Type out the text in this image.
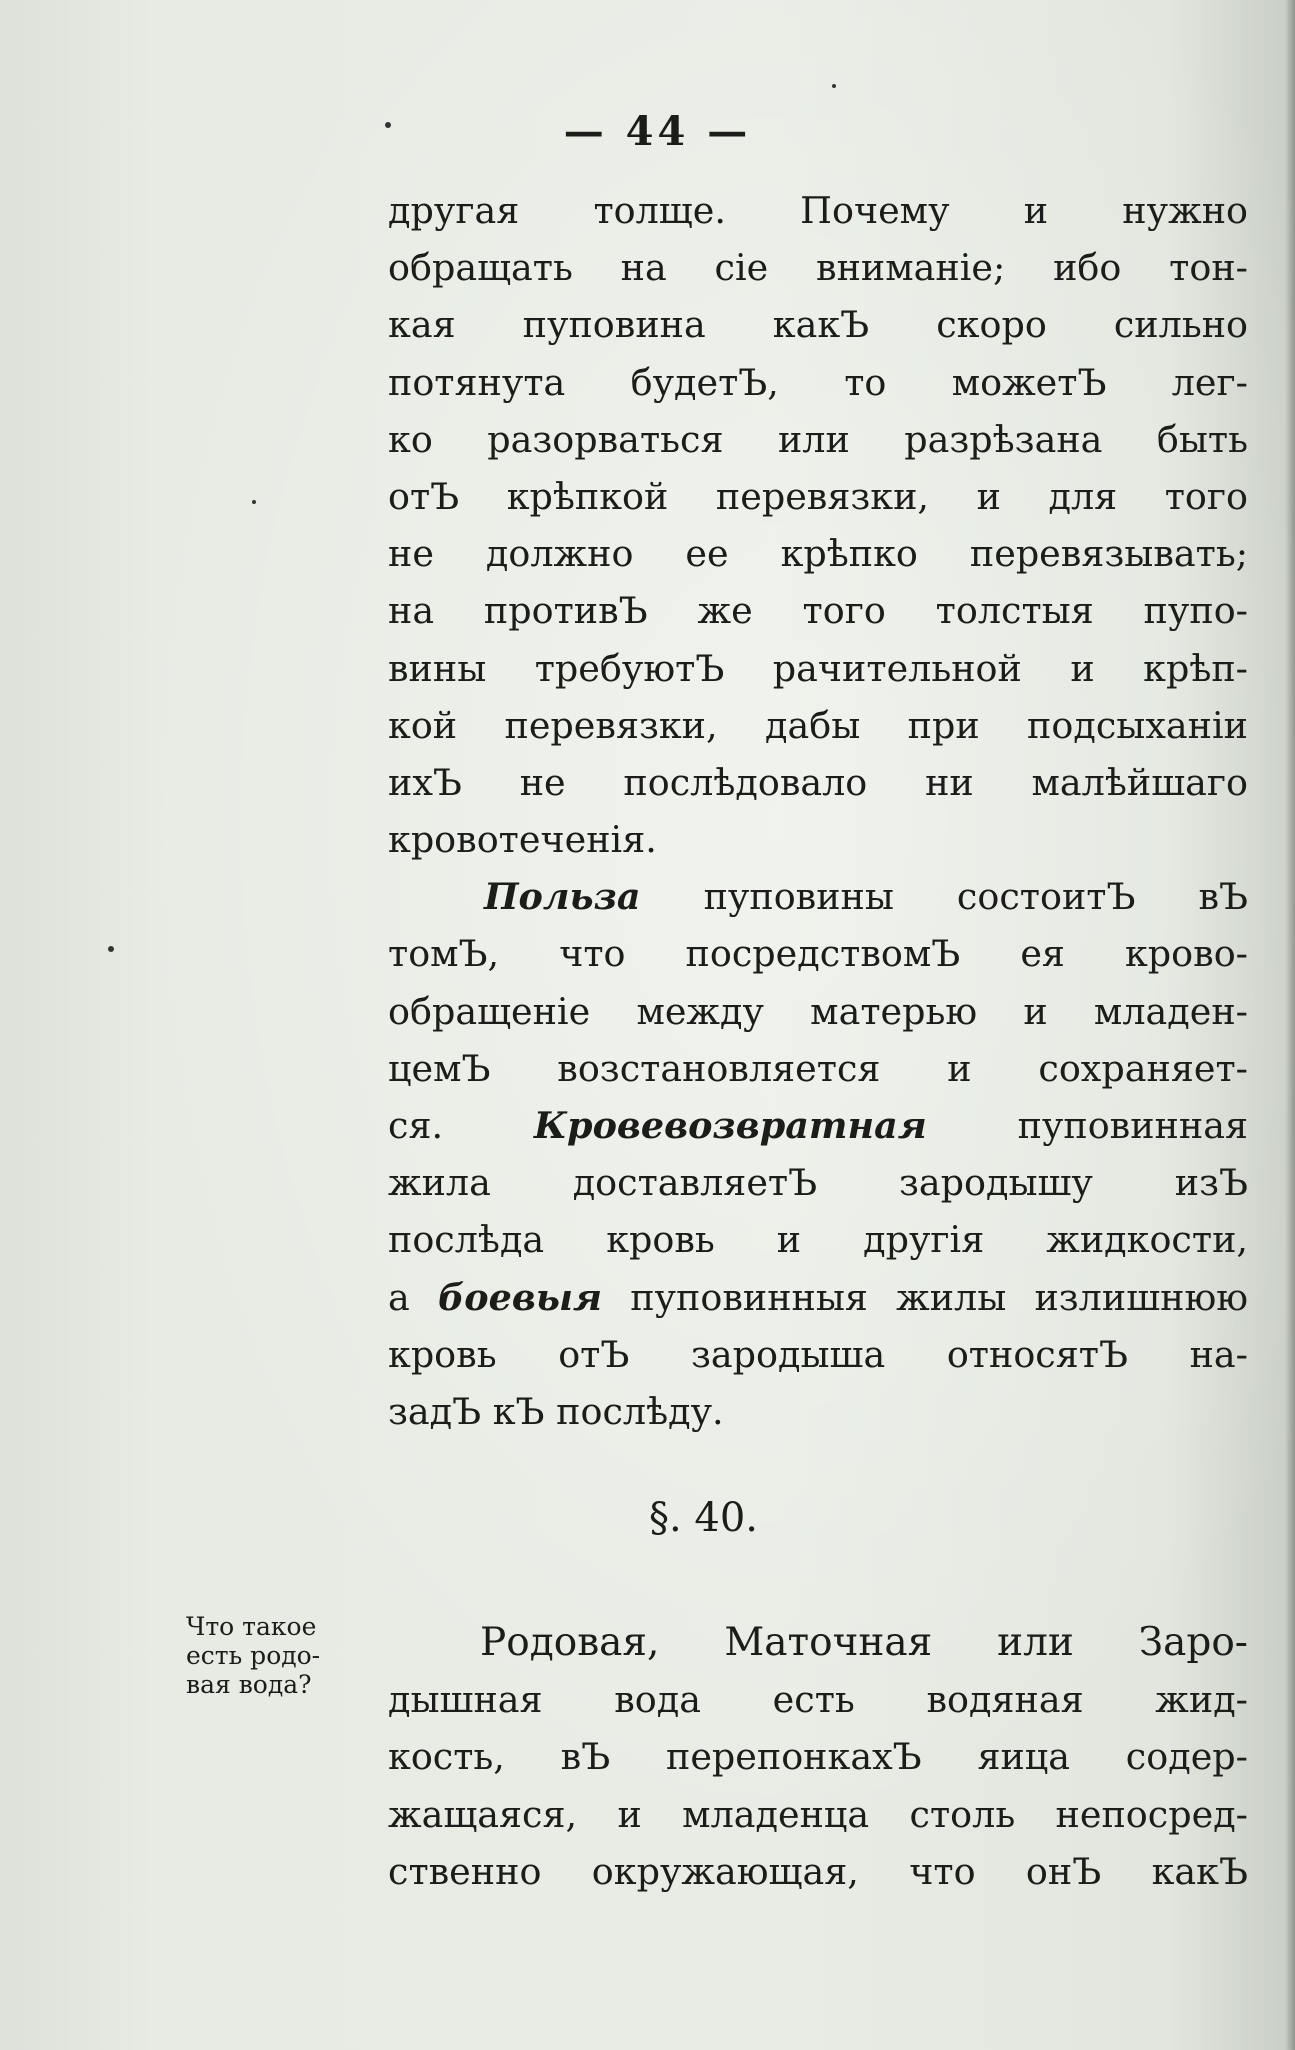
— 44 —
другая толще. Почему и нужно
обращать на сіе вниманіе; ибо тон-
кая пуповина какЪ скоро сильно
потянута будетЪ, то можетЪ лег-
ко разорваться или разрѣзана быть
отЪ крѣпкой перевязки, и для того
не должно ее крѣпко перевязывать;
на противЪ же того толстыя пупо-
вины требуютЪ рачительной и крѣп-
кой перевязки, дабы при подсыханіи
ихЪ не послѣдовало ни малѣйшаго
кровотеченія.
Польза пуповины состоитЪ вЪ
томЪ, что посредствомЪ ея крово-
обращеніе между матерью и младен-
цемЪ возстановляется и сохраняет-
ся. Кровевозвратная пуповинная
жила доставляетЪ зародышу изЪ
послѣда кровь и другія жидкости,
а боевыя пуповинныя жилы излишнюю
кровь отЪ зародыша относятЪ на-
задЪ кЪ послѣду.
§. 40.
Что такое
есть родо-
вая вода?
Родовая, Маточная или Заро-
дышная вода есть водяная жид-
кость, вЪ перепонкахЪ яица содер-
жащаяся, и младенца столь непосред-
ственно окружающая, что онЪ какЪ
